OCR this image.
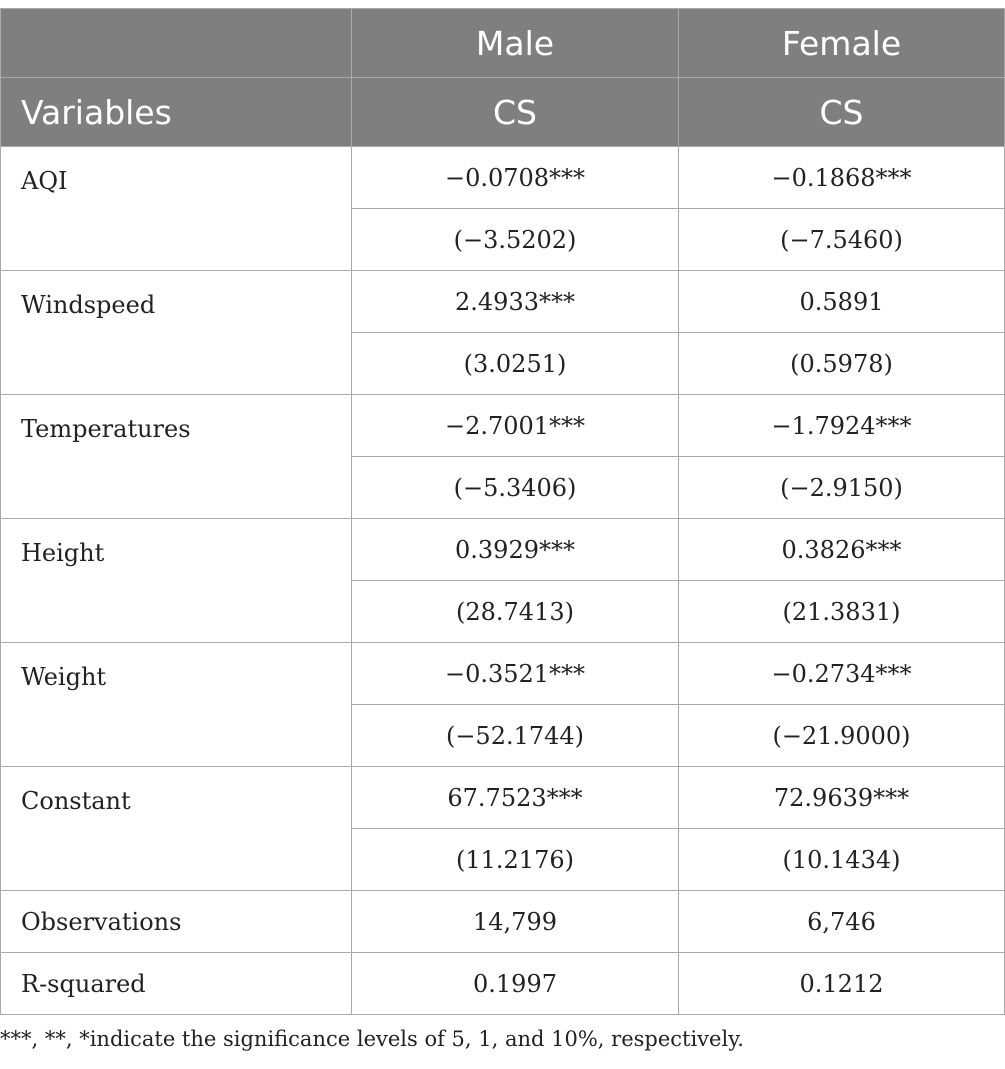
	Male	Female
Variables	CS	CS
AQI	−0.0708***	−0.1868***
	(−3.5202)	(−7.5460)
Windspeed	2.4933***	0.5891
	(3.0251)	(0.5978)
Temperatures	−2.7001***	−1.7924***
	(−5.3406)	(−2.9150)
Height	0.3929***	0.3826***
	(28.7413)	(21.3831)
Weight	−0.3521***	−0.2734***
	(−52.1744)	(−21.9000)
Constant	67.7523***	72.9639***
	(11.2176)	(10.1434)
Observations	14,799	6,746
R-squared	0.1997	0.1212
***, **, *indicate the significance levels of 5, 1, and 10%, respectively.
